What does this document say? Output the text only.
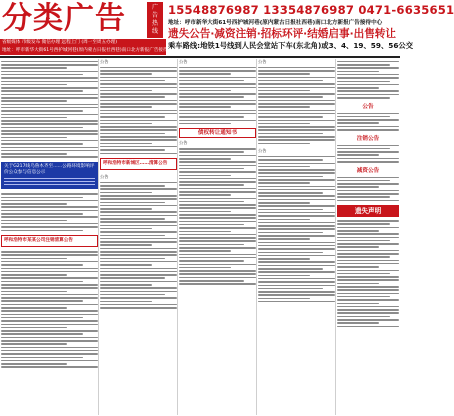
分类广告	广
告
热
线
省级媒体 市级发布 微信办理 远程上门 (周一至周五办理)
地址：呼市新华大街61号西护城河巷(原内蒙古日报社西巷)南口北方新报广告接待中心
15548876987 13354876987 0471-6635651
地址：呼市新华大街61号西护城河巷(原内蒙古日报社西巷)南口北方新报广告接待中心
遗失公告·减资注销·招标环评·结婚启事·出售转让
乘车路线:地铁1号线到人民会堂站下车(东北角)或3、4、19、59、56公交
关于G217线乌鲁木齐至……公路环境影响评价公众参与信息公示
呼和浩特市某某公司注销清算公告
公告
呼和浩特市新城区……清算公告
公告
公告
债权转让通知书
公告
公告
公告
公告
注销公告
减资公告
遗失声明
